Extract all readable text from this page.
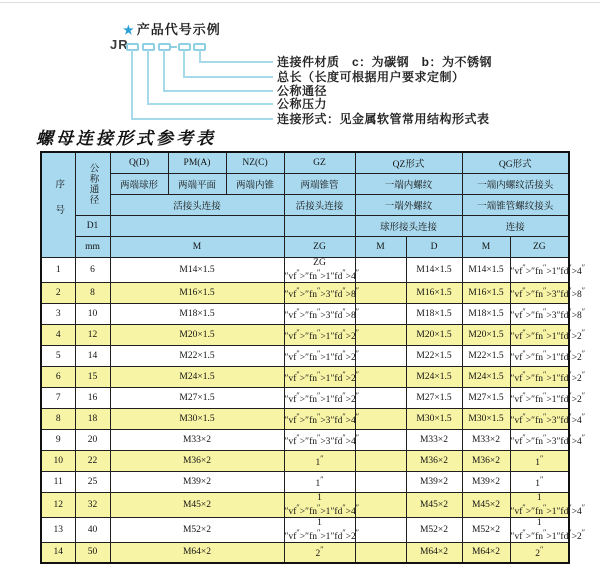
★ 产品代号示例
JR
连接件材质　c：为碳钢　b：为不锈钢
总长（长度可根据用户要求定制）
公称通径
公称压力
连接形式：见金属软管常用结构形式表
螺母连接形式参考表
序号	公称通径	Q(D)	PM(A)	NZ(C)	GZ	QZ形式		QG形式	
		两端球形	两端平面	两端内锥	两端锥管	一端内螺纹		一端内螺纹活接头	
		活接头连接			活接头连接	一端外螺纹		一端锥管螺纹接头	
	D1					球形接头连接		连接	
	mm	M			ZG	M	D	M	ZG
1	6	M14×1.5			ZG ″vf″>″fn″>1″fd″>4″		M14×1.5	M14×1.5	″vf″>″fn″>1″fd″>4″
2	8	M16×1.5			″vf″>″fn″>3″fd″>8″		M16×1.5	M16×1.5	″vf″>″fn″>3″fd″>8″
3	10	M18×1.5			″vf″>″fn″>3″fd″>8″		M18×1.5	M18×1.5	″vf″>″fn″>3″fd″>8″
4	12	M20×1.5			″vf″>″fn″>1″fd″>2″		M20×1.5	M20×1.5	″vf″>″fn″>1″fd″>2″
5	14	M22×1.5			″vf″>″fn″>1″fd″>2″		M22×1.5	M22×1.5	″vf″>″fn″>1″fd″>2″
6	15	M24×1.5			″vf″>″fn″>1″fd″>2″		M24×1.5	M24×1.5	″vf″>″fn″>1″fd″>2″
7	16	M27×1.5			″vf″>″fn″>1″fd″>2″		M27×1.5	M27×1.5	″vf″>″fn″>1″fd″>2″
8	18	M30×1.5			″vf″>″fn″>3″fd″>4″		M30×1.5	M30×1.5	″vf″>″fn″>3″fd″>4″
9	20	M33×2			″vf″>″fn″>3″fd″>4″		M33×2	M33×2	″vf″>″fn″>3″fd″>4″
10	22	M36×2			1″		M36×2	M36×2	1″
11	25	M39×2			1″		M39×2	M39×2	1″
12	32	M45×2			1 ″vf″>″fn″>1″fd″>4″		M45×2	M45×2	1 ″vf″>″fn″>1″fd″>4″
13	40	M52×2			1 ″vf″>″fn″>1″fd″>2″		M52×2	M52×2	1 ″vf″>″fn″>1″fd″>2″
14	50	M64×2			2″		M64×2	M64×2	2″
